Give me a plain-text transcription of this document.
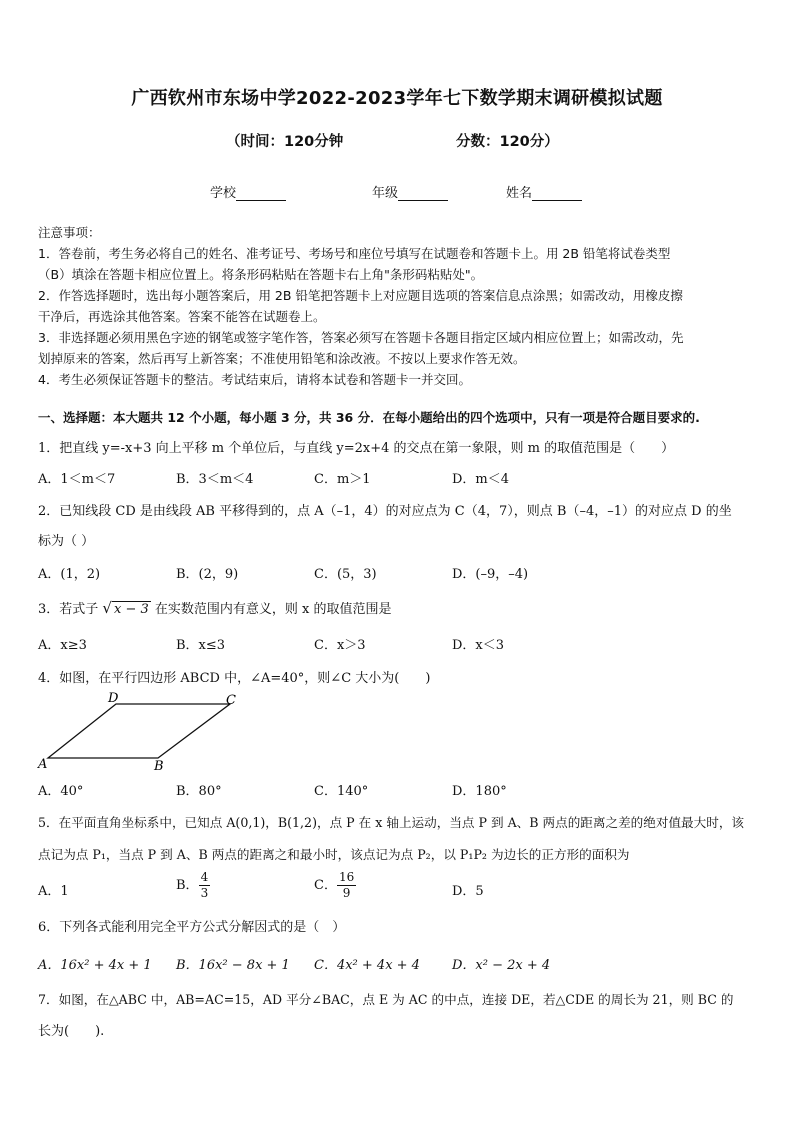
广西钦州市东场中学2022-2023学年七下数学期末调研模拟试题
（时间：120分钟	分数：120分）
学校	年级	姓名
注意事项：
1．答卷前，考生务必将自己的姓名、准考证号、考场号和座位号填写在试题卷和答题卡上。用 2B 铅笔将试卷类型
（B）填涂在答题卡相应位置上。将条形码粘贴在答题卡右上角"条形码粘贴处"。
2．作答选择题时，选出每小题答案后，用 2B 铅笔把答题卡上对应题目选项的答案信息点涂黑；如需改动，用橡皮擦
干净后，再选涂其他答案。答案不能答在试题卷上。
3．非选择题必须用黑色字迹的钢笔或签字笔作答，答案必须写在答题卡各题目指定区域内相应位置上；如需改动，先
划掉原来的答案，然后再写上新答案；不准使用铅笔和涂改液。不按以上要求作答无效。
4．考生必须保证答题卡的整洁。考试结束后，请将本试卷和答题卡一并交回。
一、选择题：本大题共 12 个小题，每小题 3 分，共 36 分．在每小题给出的四个选项中，只有一项是符合题目要求的.
1．把直线 y=-x+3 向上平移 m 个单位后，与直线 y=2x+4 的交点在第一象限，则 m 的取值范围是（　　）
A．1＜m＜7	B．3＜m＜4	C．m＞1	D．m＜4
2．已知线段 CD 是由线段 AB 平移得到的，点 A（–1，4）的对应点为 C（4，7），则点 B（–4，–1）的对应点 D 的坐
标为（ ）
A．(1，2)	B．(2，9)	C．(5，3)	D．(–9，–4)
3．若式子 √ x − 3 在实数范围内有意义，则 x 的取值范围是
A．x≥3	B．x≤3	C．x＞3	D．x＜3
4．如图，在平行四边形 ABCD 中，∠A=40°，则∠C 大小为(　　)
A	B
C
D
A．40°	B．80°	C．140°	D．180°
5．在平面直角坐标系中，已知点 A(0,1)，B(1,2)，点 P 在 x 轴上运动，当点 P 到 A、B 两点的距离之差的绝对值最大时，该
点记为点 P₁，当点 P 到 A、B 两点的距离之和最小时，该点记为点 P₂，以 P₁P₂ 为边长的正方形的面积为
A．1	B． $\frac{4}{3}$	C． $\frac{16}{9}$	D．5
6．下列各式能利用完全平方公式分解因式的是（　）
A．16x² + 4x + 1 B．16x² − 8x + 1 C．4x² + 4x + 4 D．x² − 2x + 4
7．如图，在△ABC 中，AB=AC=15，AD 平分∠BAC，点 E 为 AC 的中点，连接 DE，若△CDE 的周长为 21，则 BC 的
长为(　　).
